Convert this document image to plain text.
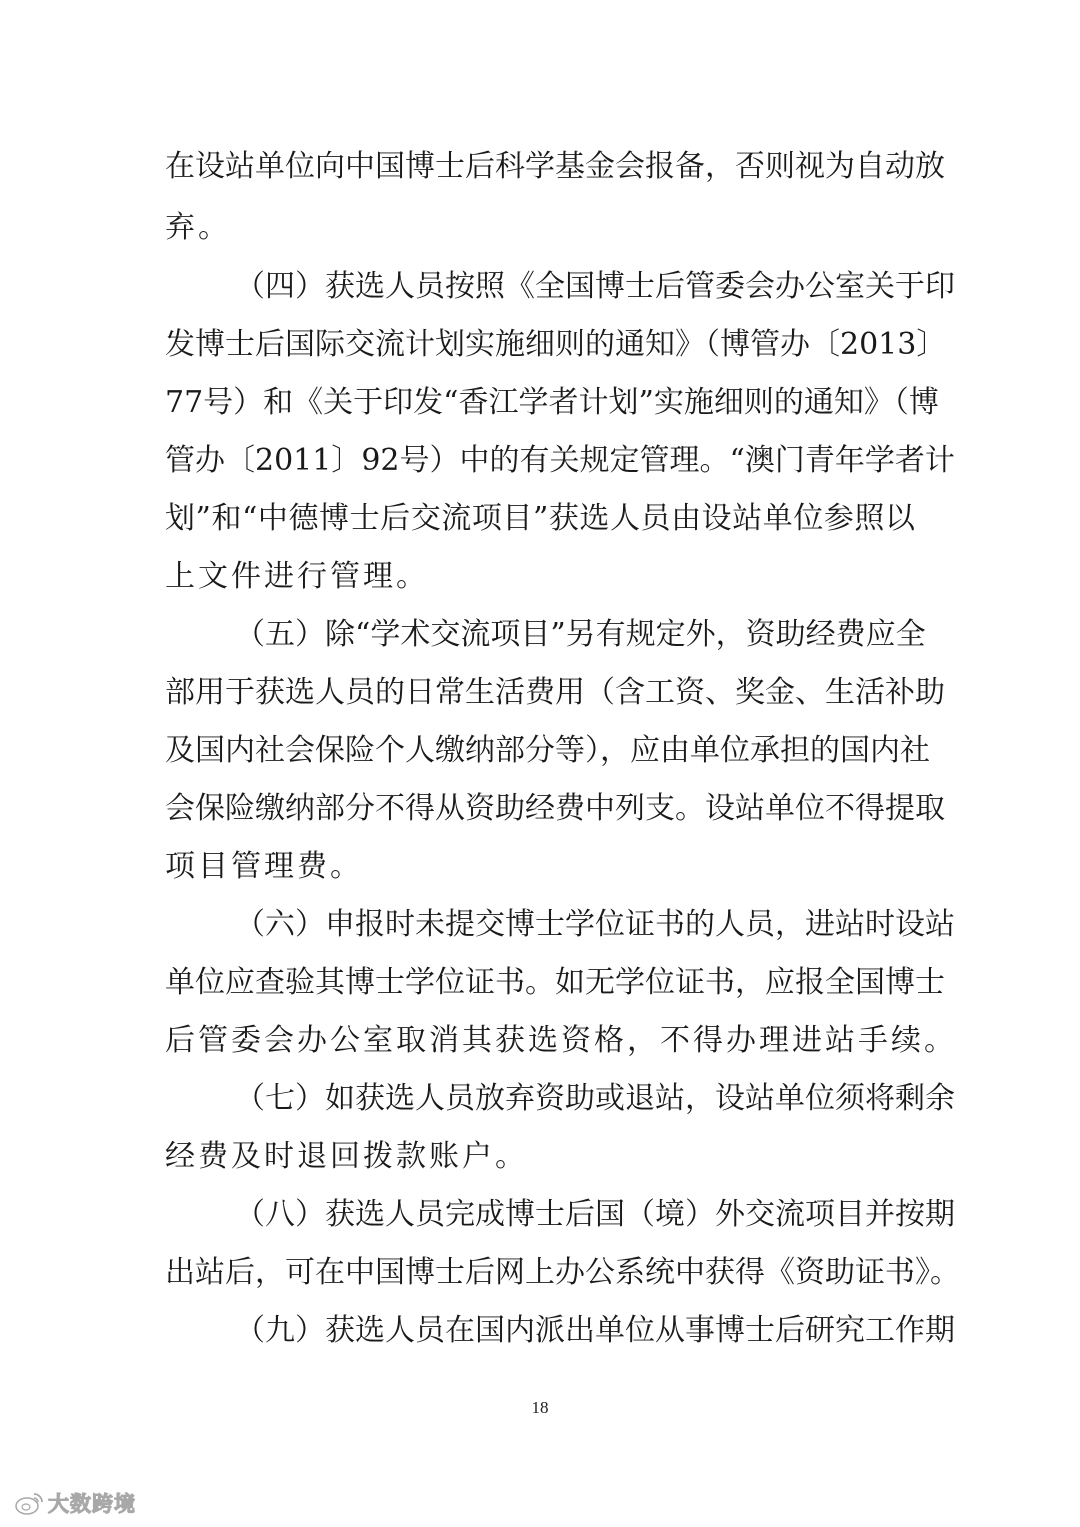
在设站单位向中国博士后科学基金会报备，否则视为自动放
弃。
（四）获选人员按照《全国博士后管委会办公室关于印
发博士后国际交流计划实施细则的通知》（博管办〔2013〕
77号）和《关于印发“香江学者计划”实施细则的通知》（博
管办〔2011〕92号）中的有关规定管理。“澳门青年学者计
划”和“中德博士后交流项目”获选人员由设站单位参照以
上文件进行管理。
（五）除“学术交流项目”另有规定外，资助经费应全
部用于获选人员的日常生活费用（含工资、奖金、生活补助
及国内社会保险个人缴纳部分等），应由单位承担的国内社
会保险缴纳部分不得从资助经费中列支。设站单位不得提取
项目管理费。
（六）申报时未提交博士学位证书的人员，进站时设站
单位应查验其博士学位证书。如无学位证书，应报全国博士
后管委会办公室取消其获选资格，不得办理进站手续。
（七）如获选人员放弃资助或退站，设站单位须将剩余
经费及时退回拨款账户。
（八）获选人员完成博士后国（境）外交流项目并按期
出站后，可在中国博士后网上办公系统中获得《资助证书》。
（九）获选人员在国内派出单位从事博士后研究工作期
18
大数跨境
